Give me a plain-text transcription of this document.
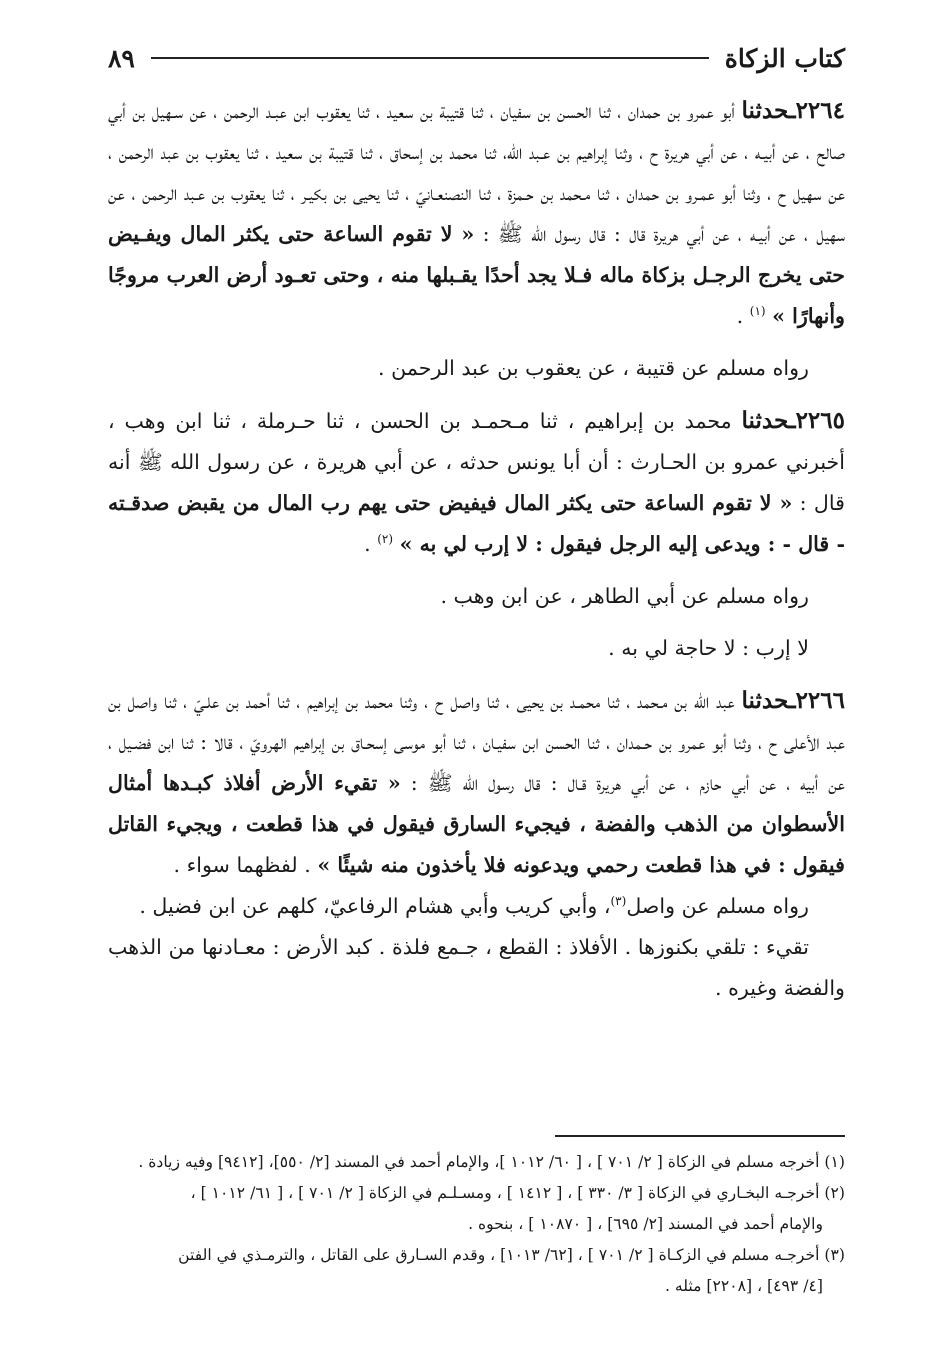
كتاب الزكاة
٨٩

٢٢٦٤ـحدثنا أبو عمرو بن حمدان ، ثنا الحسن بن سفيان ، ثنا قتيبة بن سعيد ، ثنا يعقوب ابن عبـد الرحمن ، عن سـهيل بن أبي صالح ، عن أبيـه ، عن أبي هريرة ح ، وثنا إبراهيم بن عـبد الله، ثنا محمد بن إسحاق ، ثنا قتيبة بن سعيد ، ثنا يعقوب بن عبد الرحمن ، عن سهيل ح ، وثنا أبو عمـرو بن حمدان ، ثنا مـحمد بن حـمزة ، ثنا النصنعـانيّ ، ثنا يحيى بن بكيـر ، ثنا يعقوب بن عـبد الرحمن ، عن سهيل ، عن أبيـه ، عن أبي هريرة قال : قال رسول الله ﷺ : « لا تقوم الساعة حتى يكثر المال ويفـيض حتى يخرج الرجـل بزكاة ماله فـلا يجد أحدًا يقـبلها منه ، وحتى تعـود أرض العرب مروجًا وأنهارًا » $^{(١)}$ .

رواه مسلم عن قتيبة ، عن يعقوب بن عبد الرحمن .

٢٢٦٥ـحدثنا محمد بن إبراهيم ، ثنا مـحمـد بن الحسن ، ثنا حـرملة ، ثنا ابن وهب ، أخبرني عمرو بن الحـارث : أن أبا يونس حدثه ، عن أبي هريرة ، عن رسول الله ﷺ أنه قال : « لا تقوم الساعة حتى يكثر المال فيفيض حتى يهم رب المال من يقبض صدقـته - قال - : ويدعى إليه الرجل فيقول : لا إرب لي به » $^{(٢)}$ .

رواه مسلم عن أبي الطاهر ، عن ابن وهب .

لا إرب : لا حاجة لي به .

٢٢٦٦ـحدثنا عبد الله بن مـحمد ، ثنا محمـد بن يحيى ، ثنا واصل ح ، وثنا محمد بن إبراهيم ، ثنا أحمد بن علـيّ ، ثنا واصل بن عبد الأعلى ح ، وثنا أبو عمرو بن حـمدان ، ثنا الحسن ابن سفيـان ، ثنا أبو موسى إسحـاق بن إبراهيم الهرويّ ، قالا : ثنا ابن فضـيل ، عن أبيه ، عن أبي حازم ، عن أبي هريرة قـال : قال رسول الله ﷺ : « تقيء الأرض أفلاذ كبـدها أمثال الأسطوان من الذهب والفضة ، فيجيء السارق فيقول في هذا قطعت ، ويجيء القاتل فيقول : في هذا قطعت رحمي ويدعونه فلا يأخذون منه شيئًا » . لفظهما سواء .

رواه مسلم عن واصل$^{(٣)}$، وأبي كريب وأبي هشام الرفاعيّ، كلهم عن ابن فضيل .

تقيء : تلقي بكنوزها . الأفلاذ : القطع ، جـمع فلذة . كبد الأرض : معـادنها من الذهب والفضة وغيره .

(١) أخرجه مسلم في الزكاة [ ٢/ ٧٠١ ] ، [ ٦٠/ ١٠١٢ ]، والإمام أحمد في المسند [٢/ ٥٥٠]، [٩٤١٢] وفيه زيادة .

(٢) أخرجـه البخـاري في الزكاة [ ٣/ ٣٣٠ ] ، [ ١٤١٢ ] ، ومسـلـم في الزكاة [ ٢/ ٧٠١ ] ، [ ٦١/ ١٠١٢ ] ،

والإمام أحمد في المسند [٢/ ٦٩٥] ، [ ١٠٨٧٠ ] ، بنحوه .

(٣) أخرجـه مسلم في الزكـاة [ ٢/ ٧٠١ ] ، [٦٢/ ١٠١٣] ، وقدم السـارق على القاتل ، والترمـذي في الفتن

[٤/ ٤٩٣] ، [٢٢٠٨] مثله .
